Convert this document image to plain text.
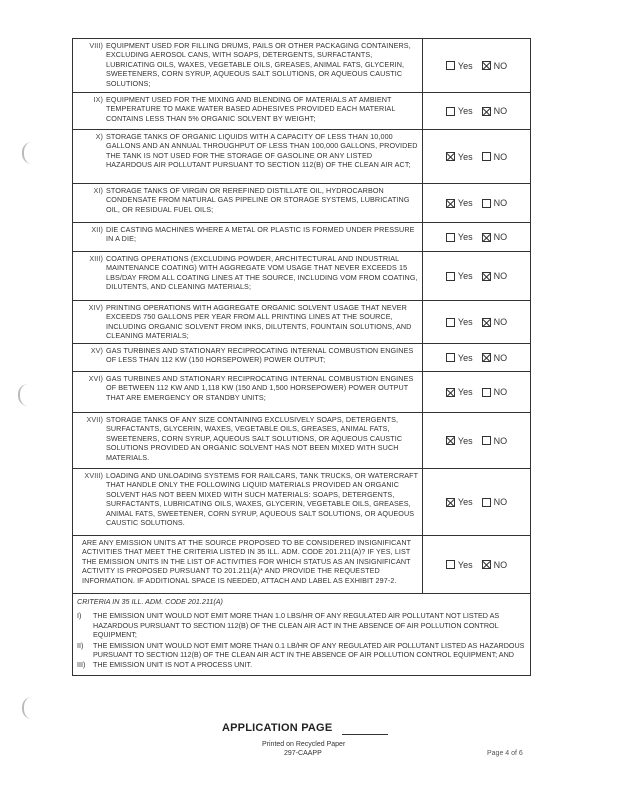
VIII) EQUIPMENT USED FOR FILLING DRUMS, PAILS OR OTHER PACKAGING CONTAINERS, EXCLUDING AEROSOL CANS, WITH SOAPS, DETERGENTS, SURFACTANTS, LUBRICATING OILS, WAXES, VEGETABLE OILS, GREASES, ANIMAL FATS, GLYCERIN, SWEETENERS, CORN SYRUP, AQUEOUS SALT SOLUTIONS, OR AQUEOUS CAUSTIC SOLUTIONS;
Yes NO
IX) EQUIPMENT USED FOR THE MIXING AND BLENDING OF MATERIALS AT AMBIENT TEMPERATURE TO MAKE WATER BASED ADHESIVES PROVIDED EACH MATERIAL CONTAINS LESS THAN 5% ORGANIC SOLVENT BY WEIGHT;
Yes NO
X) STORAGE TANKS OF ORGANIC LIQUIDS WITH A CAPACITY OF LESS THAN 10,000 GALLONS AND AN ANNUAL THROUGHPUT OF LESS THAN 100,000 GALLONS, PROVIDED THE TANK IS NOT USED FOR THE STORAGE OF GASOLINE OR ANY LISTED HAZARDOUS AIR POLLUTANT PURSUANT TO SECTION 112(B) OF THE CLEAN AIR ACT;
Yes NO
XI) STORAGE TANKS OF VIRGIN OR REREFINED DISTILLATE OIL, HYDROCARBON CONDENSATE FROM NATURAL GAS PIPELINE OR STORAGE SYSTEMS, LUBRICATING OIL, OR RESIDUAL FUEL OILS;
Yes NO
XII) DIE CASTING MACHINES WHERE A METAL OR PLASTIC IS FORMED UNDER PRESSURE IN A DIE;	Yes NO
XIII) COATING OPERATIONS (EXCLUDING POWDER, ARCHITECTURAL AND INDUSTRIAL MAINTENANCE COATING) WITH AGGREGATE VOM USAGE THAT NEVER EXCEEDS 15 LBS/DAY FROM ALL COATING LINES AT THE SOURCE, INCLUDING VOM FROM COATING, DILUTENTS, AND CLEANING MATERIALS;
Yes NO
XIV) PRINTING OPERATIONS WITH AGGREGATE ORGANIC SOLVENT USAGE THAT NEVER EXCEEDS 750 GALLONS PER YEAR FROM ALL PRINTING LINES AT THE SOURCE, INCLUDING ORGANIC SOLVENT FROM INKS, DILUTENTS, FOUNTAIN SOLUTIONS, AND CLEANING MATERIALS;
Yes NO
XV) GAS TURBINES AND STATIONARY RECIPROCATING INTERNAL COMBUSTION ENGINES OF LESS THAN 112 KW (150 HORSEPOWER) POWER OUTPUT;	Yes NO
XVI) GAS TURBINES AND STATIONARY RECIPROCATING INTERNAL COMBUSTION ENGINES OF BETWEEN 112 KW AND 1,118 KW (150 AND 1,500 HORSEPOWER) POWER OUTPUT THAT ARE EMERGENCY OR STANDBY UNITS;
Yes NO
XVII) STORAGE TANKS OF ANY SIZE CONTAINING EXCLUSIVELY SOAPS, DETERGENTS, SURFACTANTS, GLYCERIN, WAXES, VEGETABLE OILS, GREASES, ANIMAL FATS, SWEETENERS, CORN SYRUP, AQUEOUS SALT SOLUTIONS, OR AQUEOUS CAUSTIC SOLUTIONS PROVIDED AN ORGANIC SOLVENT HAS NOT BEEN MIXED WITH SUCH MATERIALS.
Yes NO
XVIII) LOADING AND UNLOADING SYSTEMS FOR RAILCARS, TANK TRUCKS, OR WATERCRAFT THAT HANDLE ONLY THE FOLLOWING LIQUID MATERIALS PROVIDED AN ORGANIC SOLVENT HAS NOT BEEN MIXED WITH SUCH MATERIALS: SOAPS, DETERGENTS, SURFACTANTS, LUBRICATING OILS, WAXES, GLYCERIN, VEGETABLE OILS, GREASES, ANIMAL FATS, SWEETENER, CORN SYRUP, AQUEOUS SALT SOLUTIONS, OR AQUEOUS CAUSTIC SOLUTIONS.
Yes NO
ARE ANY EMISSION UNITS AT THE SOURCE PROPOSED TO BE CONSIDERED INSIGNIFICANT ACTIVITIES THAT MEET THE CRITERIA LISTED IN 35 ILL. ADM. CODE 201.211(A)? IF YES, LIST THE EMISSION UNITS IN THE LIST OF ACTIVITIES FOR WHICH STATUS AS AN INSIGNIFICANT ACTIVITY IS PROPOSED PURSUANT TO 201.211(A)* AND PROVIDE THE REQUESTED INFORMATION. IF ADDITIONAL SPACE IS NEEDED, ATTACH AND LABEL AS EXHIBIT 297-2.
Yes NO
CRITERIA IN 35 ILL. ADM. CODE 201.211(A)
I)	THE EMISSION UNIT WOULD NOT EMIT MORE THAN 1.0 LBS/HR OF ANY REGULATED AIR POLLUTANT NOT LISTED AS HAZARDOUS PURSUANT TO SECTION 112(B) OF THE CLEAN AIR ACT IN THE ABSENCE OF AIR POLLUTION CONTROL EQUIPMENT;
II)	THE EMISSION UNIT WOULD NOT EMIT MORE THAN 0.1 LB/HR OF ANY REGULATED AIR POLLUTANT LISTED AS HAZARDOUS PURSUANT TO SECTION 112(B) OF THE CLEAN AIR ACT IN THE ABSENCE OF AIR POLLUTION CONTROL EQUIPMENT; AND
III)	THE EMISSION UNIT IS NOT A PROCESS UNIT.
APPLICATION PAGE
Printed on Recycled Paper
297-CAAPP	Page 4 of 6
